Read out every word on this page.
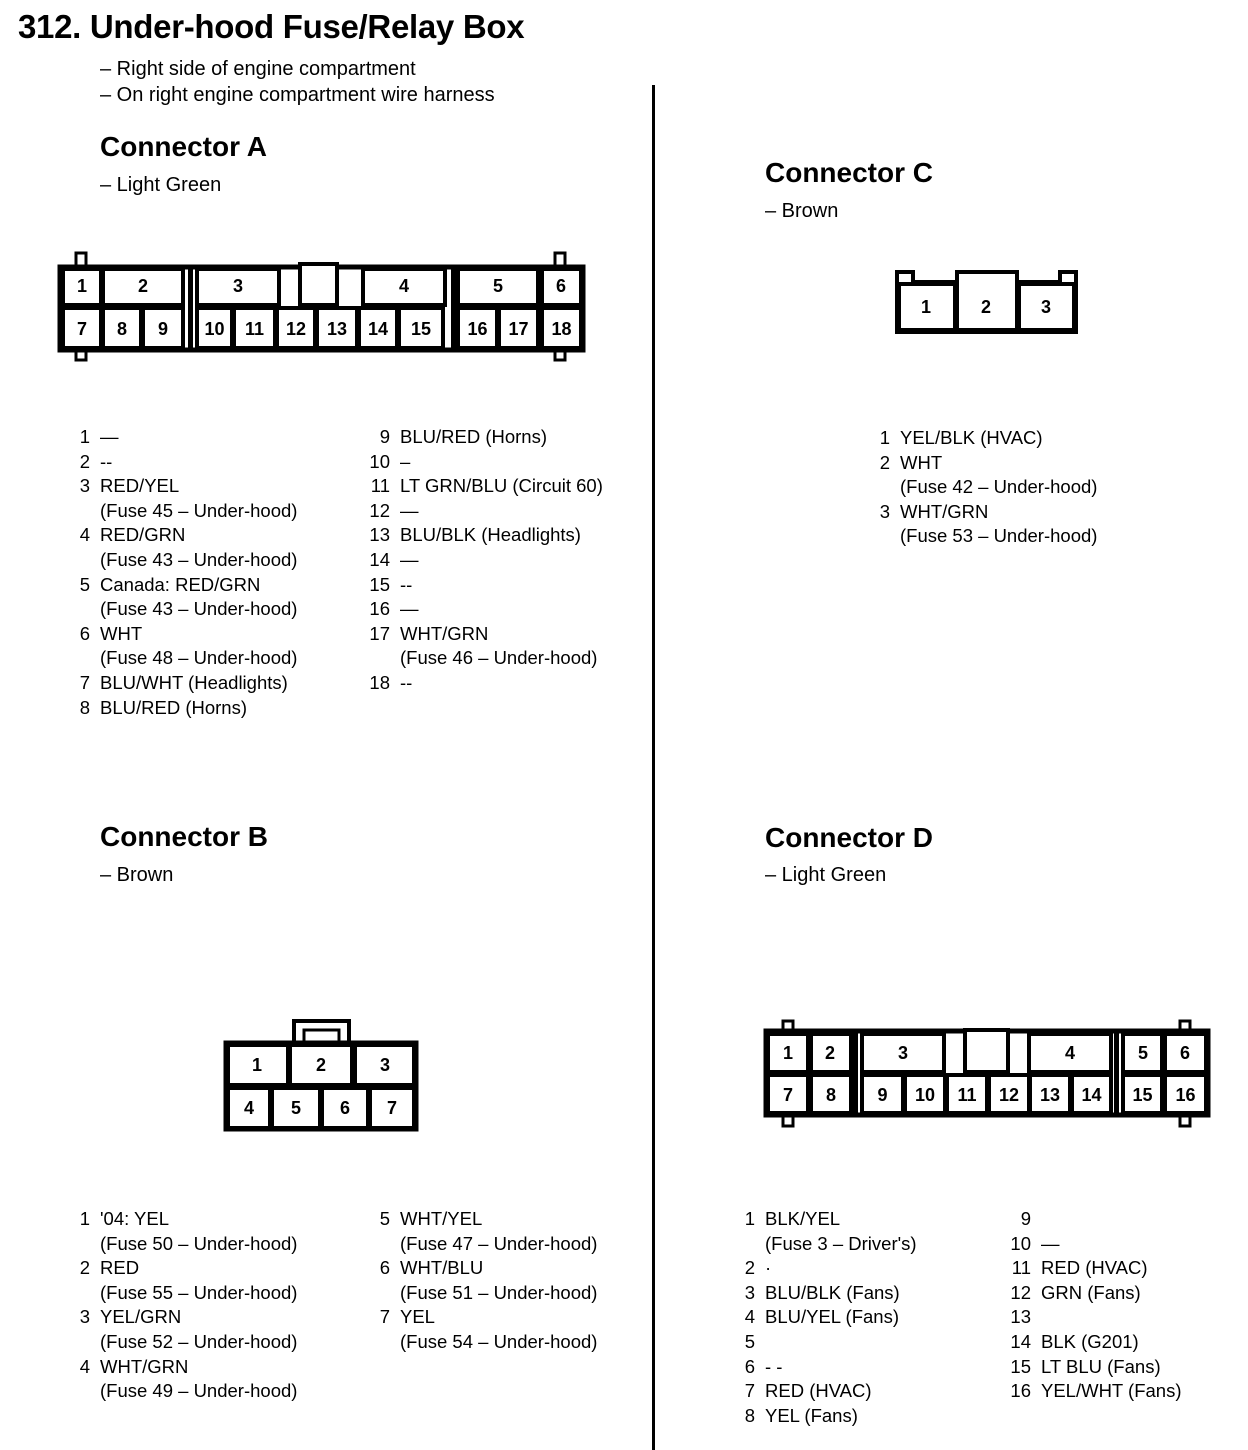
312. Under-hood Fuse/Relay Box
– Right side of engine compartment
– On right engine compartment wire harness
Connector A
– Light Green
1	2	3	4	5	6
7 8 9 10 11 12 13 14 15 16 17 18
1	2	3
4 5 6 7
1	2	3
1 2	3	4	5 6
7 8 9 10 11 12 13 14 15 16
1 —
2 --
3 RED/YEL
(Fuse 45 – Under-hood)
4 RED/GRN
(Fuse 43 – Under-hood)
5 Canada: RED/GRN
(Fuse 43 – Under-hood)
6 WHT
(Fuse 48 – Under-hood)
7 BLU/WHT (Headlights)
8 BLU/RED (Horns)
9 BLU/RED (Horns)
10 –
11 LT GRN/BLU (Circuit 60)
12 —
13 BLU/BLK (Headlights)
14 —
15 --
16 —
17 WHT/GRN
(Fuse 46 – Under-hood)
18 --
Connector C
– Brown
1 YEL/BLK (HVAC)
2 WHT
(Fuse 42 – Under-hood)
3 WHT/GRN
(Fuse 53 – Under-hood)
Connector B
– Brown
1 '04: YEL
(Fuse 50 – Under-hood)
2 RED
(Fuse 55 – Under-hood)
3 YEL/GRN
(Fuse 52 – Under-hood)
4 WHT/GRN
(Fuse 49 – Under-hood)
5 WHT/YEL
(Fuse 47 – Under-hood)
6 WHT/BLU
(Fuse 51 – Under-hood)
7 YEL
(Fuse 54 – Under-hood)
Connector D
– Light Green
1 BLK/YEL
(Fuse 3 – Driver's)
2 ·
3 BLU/BLK (Fans)
4 BLU/YEL (Fans)
5

6 - -
7 RED (HVAC)
8 YEL (Fans)
9

10 —
11 RED (HVAC)
12 GRN (Fans)
13

14 BLK (G201)
15 LT BLU (Fans)
16 YEL/WHT (Fans)
